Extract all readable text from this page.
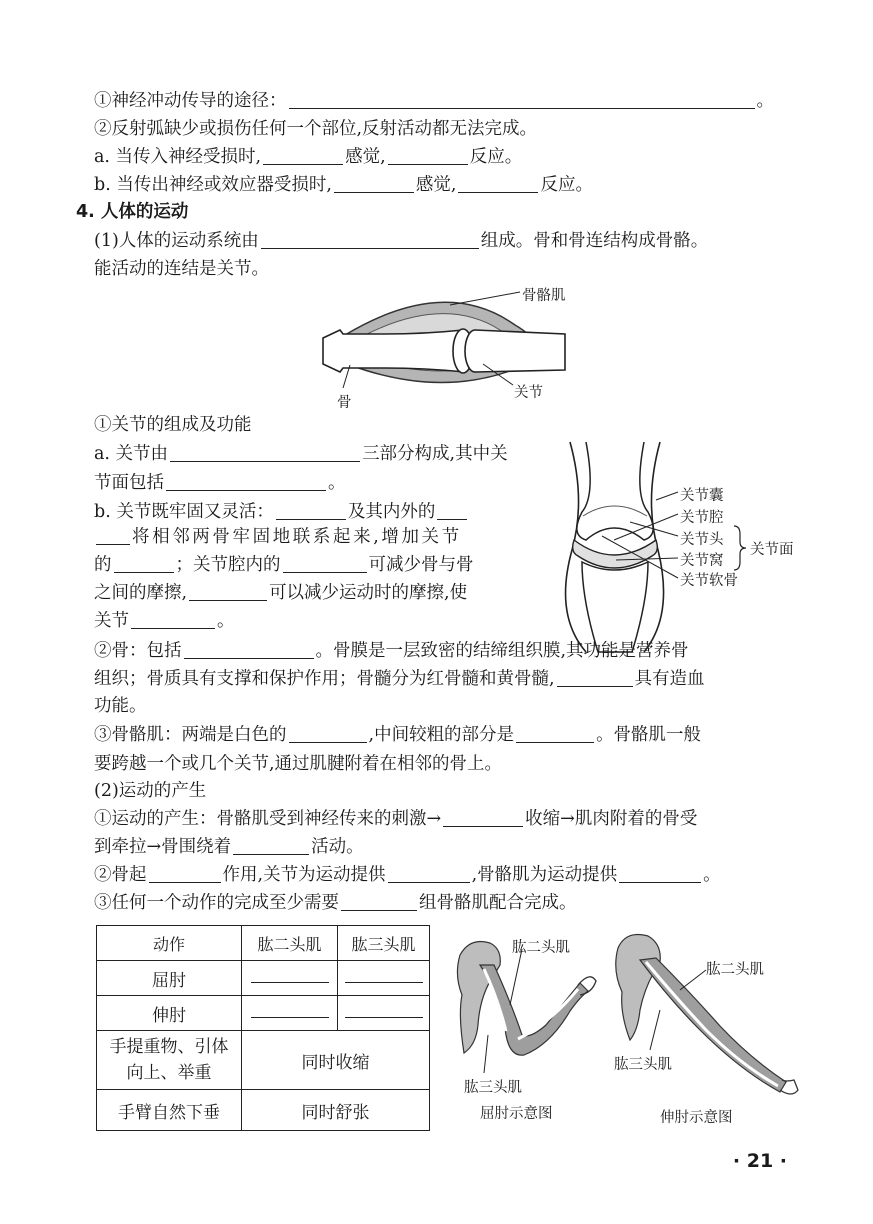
①神经冲动传导的途径：	。
②反射弧缺少或损伤任何一个部位,反射活动都无法完成。
a. 当传入神经受损时,	感觉,	反应。
b. 当传出神经或效应器受损时,	感觉,	反应。
4. 人体的运动
(1)人体的运动系统由	组成。骨和骨连结构成骨骼。
能活动的连结是关节。
骨骼肌
骨
关节
①关节的组成及功能
a. 关节由	三部分构成,其中关
节面包括	。
b. 关节既牢固又灵活：	及其内外的
将相邻两骨牢固地联系起来,增加关节
的	；关节腔内的	可减少骨与骨
之间的摩擦,	可以减少运动时的摩擦,使
关节	。
关节囊
关节腔
关节头
关节窝
关节软骨
关节面
②骨：包括	。骨膜是一层致密的结缔组织膜,其功能是营养骨
组织；骨质具有支撑和保护作用；骨髓分为红骨髓和黄骨髓,	具有造血
功能。
③骨骼肌：两端是白色的	,中间较粗的部分是	。骨骼肌一般
要跨越一个或几个关节,通过肌腱附着在相邻的骨上。
(2)运动的产生
①运动的产生：骨骼肌受到神经传来的刺激→	收缩→肌肉附着的骨受
到牵拉→骨围绕着	活动。
②骨起	作用,关节为运动提供	,骨骼肌为运动提供	。
③任何一个动作的完成至少需要	组骨骼肌配合完成。
动作	肱二头肌	肱三头肌
屈肘		
伸肘		
手提重物、引体向上、举重	同时收缩	
手臂自然下垂	同时舒张	
肱二头肌
肱三头肌
屈肘示意图
肱二头肌
肱三头肌
伸肘示意图
· 21 ·
